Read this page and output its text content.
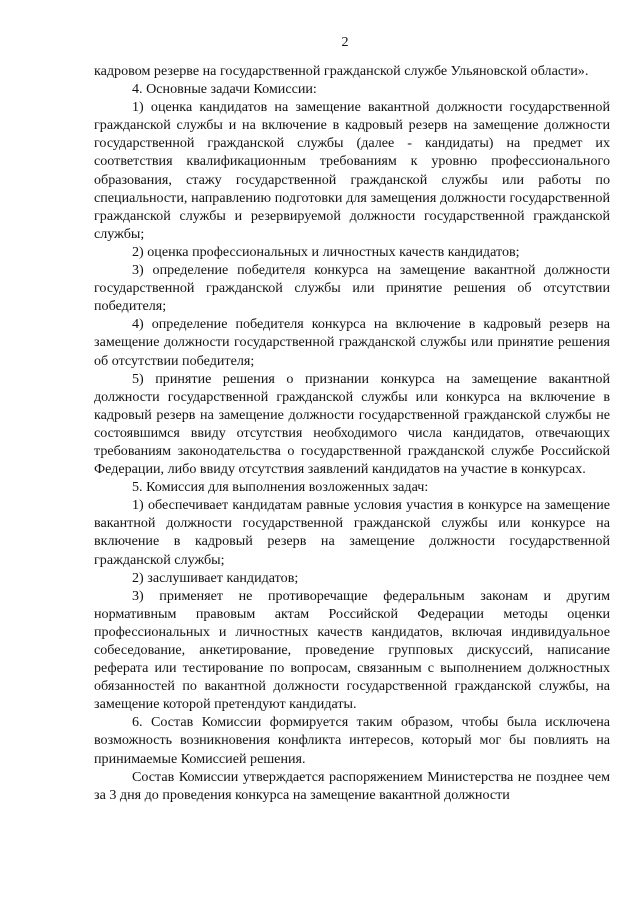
2

кадровом резерве на государственной гражданской службе Ульяновской области».

4. Основные задачи Комиссии:

1) оценка кандидатов на замещение вакантной должности государственной гражданской службы и на включение в кадровый резерв на замещение должности государственной гражданской службы (далее - кандидаты) на предмет их соответствия квалификационным требованиям к уровню профессионального образования, стажу государственной гражданской службы или работы по специальности, направлению подготовки для замещения должности государственной гражданской службы и резервируемой должности государственной гражданской службы;

2) оценка профессиональных и личностных качеств кандидатов;

3) определение победителя конкурса на замещение вакантной должности государственной гражданской службы или принятие решения об отсутствии победителя;

4) определение победителя конкурса на включение в кадровый резерв на замещение должности государственной гражданской службы или принятие решения об отсутствии победителя;

5) принятие решения о признании конкурса на замещение вакантной должности государственной гражданской службы или конкурса на включение в кадровый резерв на замещение должности государственной гражданской службы не состоявшимся ввиду отсутствия необходимого числа кандидатов, отвечающих требованиям законодательства о государственной гражданской службе Российской Федерации, либо ввиду отсутствия заявлений кандидатов на участие в конкурсах.

5. Комиссия для выполнения возложенных задач:

1) обеспечивает кандидатам равные условия участия в конкурсе на замещение вакантной должности государственной гражданской службы или конкурсе на включение в кадровый резерв на замещение должности государственной гражданской службы;

2) заслушивает кандидатов;

3) применяет не противоречащие федеральным законам и другим нормативным правовым актам Российской Федерации методы оценки профессиональных и личностных качеств кандидатов, включая индивидуальное собеседование, анкетирование, проведение групповых дискуссий, написание реферата или тестирование по вопросам, связанным с выполнением должностных обязанностей по вакантной должности государственной гражданской службы, на замещение которой претендуют кандидаты.

6. Состав Комиссии формируется таким образом, чтобы была исключена возможность возникновения конфликта интересов, который мог бы повлиять на принимаемые Комиссией решения.

Состав Комиссии утверждается распоряжением Министерства не позднее чем за 3 дня до проведения конкурса на замещение вакантной должности
